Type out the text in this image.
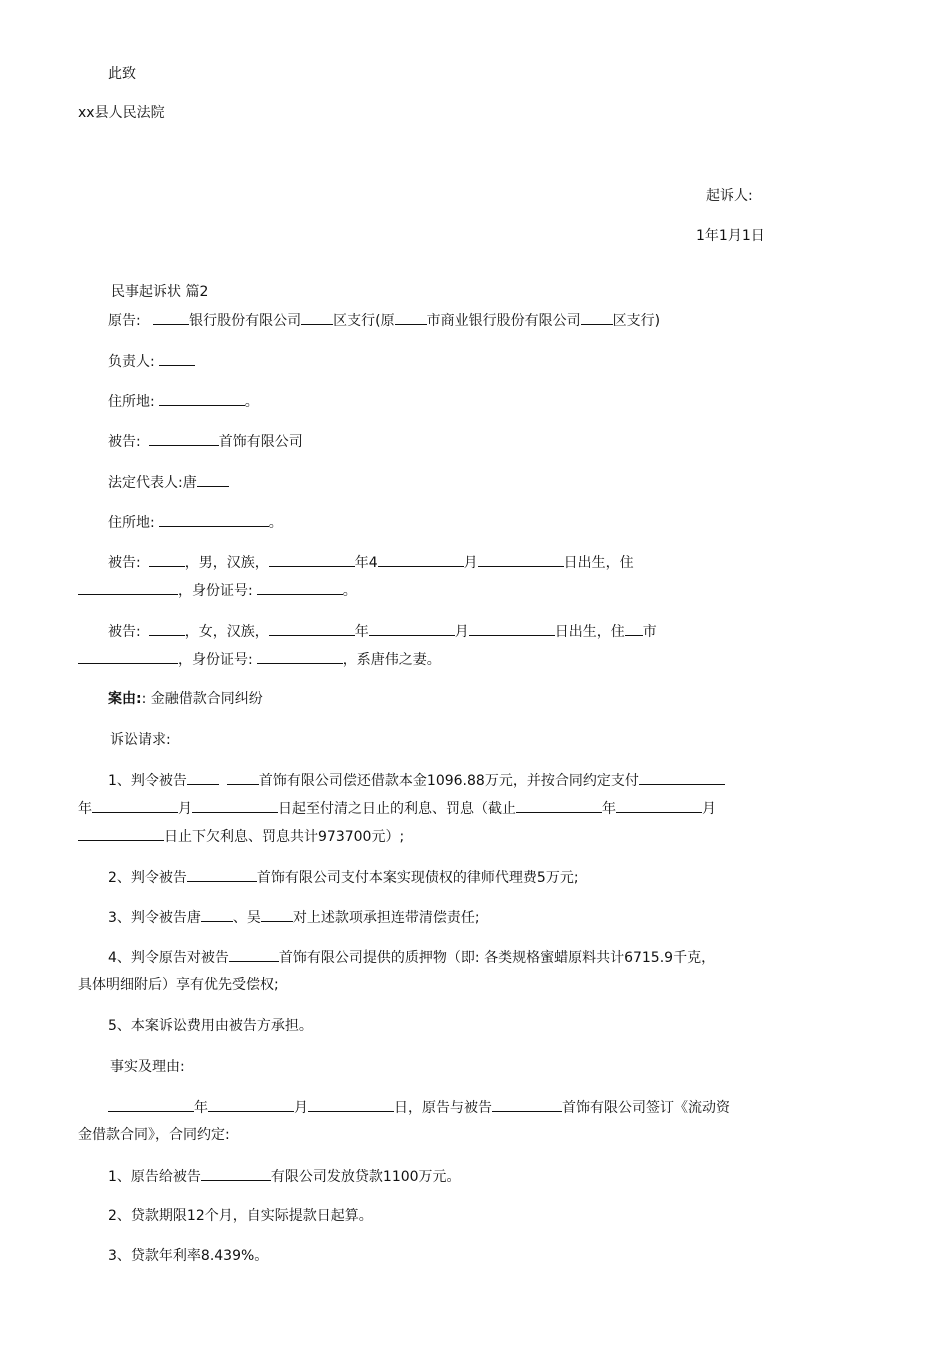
此致
xx县人民法院
起诉人:
1年1月1日
民事起诉状 篇2
原告:	银行股份有限公司 区支行(原 市商业银行股份有限公司 区支行)
负责人:
住所地:	。
被告:	首饰有限公司
法定代表人:唐
住所地:	。
被告:	，男，汉族，	年4	月	日出生，住
，身份证号:	。
被告:	，女，汉族，	年	月	日出生，住 市
，身份证号:	，系唐伟之妻。
案由:: 金融借款合同纠纷
诉讼请求:
1、判令被告	首饰有限公司偿还借款本金1096.88万元，并按合同约定支付
年	月	日起至付清之日止的利息、罚息（截止	年	月
日止下欠利息、罚息共计973700元）;
2、判令被告	首饰有限公司支付本案实现债权的律师代理费5万元;
3、判令被告唐 、吴 对上述款项承担连带清偿责任;
4、判令原告对被告	首饰有限公司提供的质押物（即: 各类规格蜜蜡原料共计6715.9千克，
具体明细附后）享有优先受偿权;
5、本案诉讼费用由被告方承担。
事实及理由:
年	月	日，原告与被告	首饰有限公司签订《流动资
金借款合同》，合同约定:
1、原告给被告	有限公司发放贷款1100万元。
2、贷款期限12个月，自实际提款日起算。
3、贷款年利率8.439%。
